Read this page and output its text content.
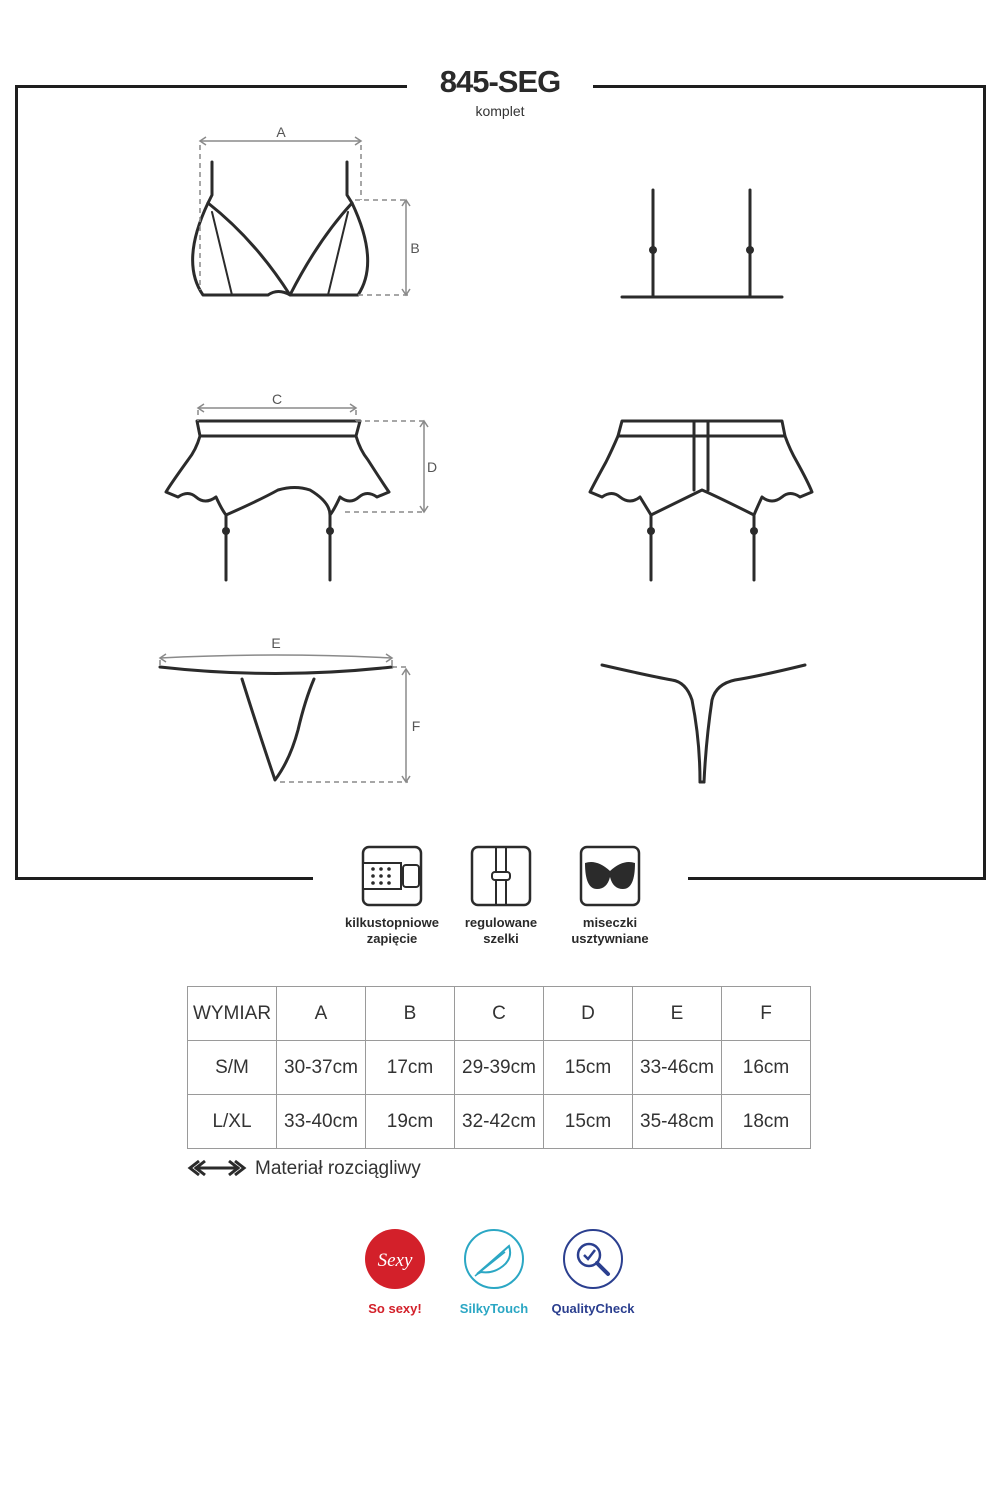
845-SEG
komplet
A
B
C
D
E
F
kilkustopniowe
zapięcie
regulowane
szelki
miseczki
usztywniane
WYMIAR	A	B	C	D	E	F
S/M	30-37cm	17cm	29-39cm	15cm	33-46cm	16cm
L/XL	33-40cm	19cm	32-42cm	15cm	35-48cm	18cm
Materiał rozciągliwy
Sexy
So sexy!	SilkyTouch	QualityCheck
